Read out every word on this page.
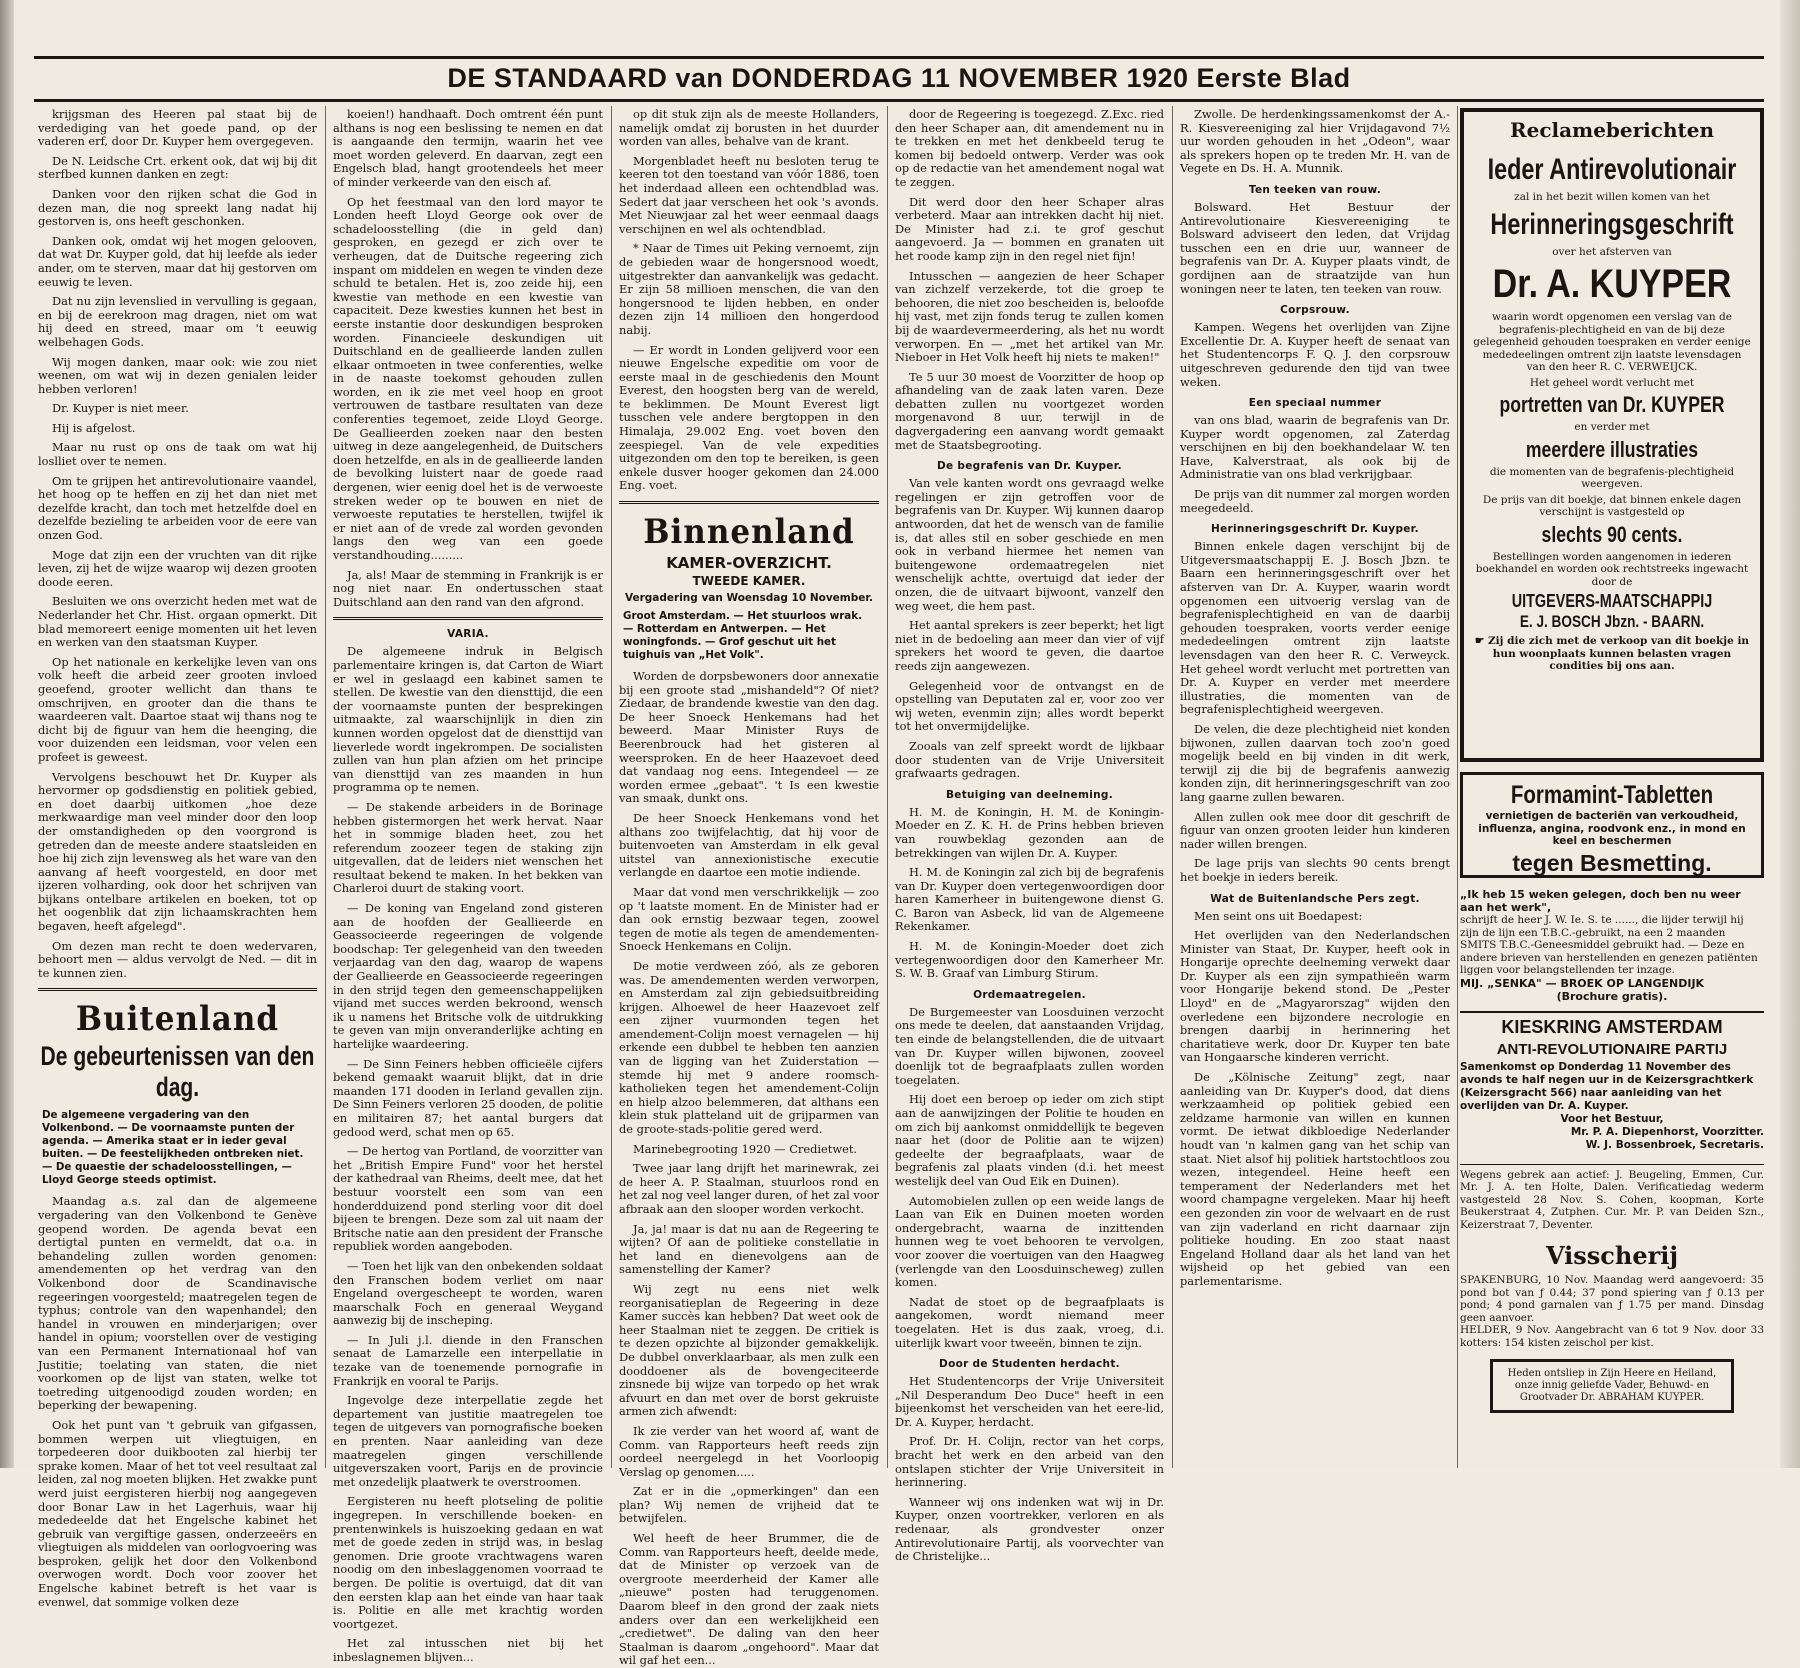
DE STANDAARD van DONDERDAG 11 NOVEMBER 1920 Eerste Blad

krijgsman des Heeren pal staat bij de verdediging van het goede pand, op der vaderen erf, door Dr. Kuyper hem overgegeven.

De N. Leidsche Crt. erkent ook, dat wij bij dit sterfbed kunnen danken en zegt:

Danken voor den rijken schat die God in dezen man, die nog spreekt lang nadat hij gestorven is, ons heeft geschonken.

Danken ook, omdat wij het mogen gelooven, dat wat Dr. Kuyper gold, dat hij leefde als ieder ander, om te sterven, maar dat hij gestorven om eeuwig te leven.

Dat nu zijn levenslied in vervulling is gegaan, en bij de eerekroon mag dragen, niet om wat hij deed en streed, maar om 't eeuwig welbehagen Gods.

Wij mogen danken, maar ook: wie zou niet weenen, om wat wij in dezen genialen leider hebben verloren!

Dr. Kuyper is niet meer.

Hij is afgelost.

Maar nu rust op ons de taak om wat hij loslliet over te nemen.

Om te grijpen het antirevolutionaire vaandel, het hoog op te heffen en zij het dan niet met dezelfde kracht, dan toch met hetzelfde doel en dezelfde bezieling te arbeiden voor de eere van onzen God.

Moge dat zijn een der vruchten van dit rijke leven, zij het de wijze waarop wij dezen grooten doode eeren.

Besluiten we ons overzicht heden met wat de Nederlander het Chr. Hist. orgaan opmerkt. Dit blad memoreert eenige momenten uit het leven en werken van den staatsman Kuyper.

Op het nationale en kerkelijke leven van ons volk heeft die arbeid zeer grooten invloed geoefend, grooter wellicht dan thans te omschrijven, en grooter dan die thans te waardeeren valt. Daartoe staat wij thans nog te dicht bij de figuur van hem die heenging, die voor duizenden een leidsman, voor velen een profeet is geweest.

Vervolgens beschouwt het Dr. Kuyper als hervormer op godsdienstig en politiek gebied, en doet daarbij uitkomen „hoe deze merkwaardige man veel minder door den loop der omstandigheden op den voorgrond is getreden dan de meeste andere staatsleiden en hoe hij zich zijn levensweg als het ware van den aanvang af heeft voorgesteld, en door met ijzeren volharding, ook door het schrijven van bijkans ontelbare artikelen en boeken, tot op het oogenblik dat zijn lichaamskrachten hem begaven, heeft afgelegd".

Om dezen man recht te doen wedervaren, behoort men — aldus vervolgt de Ned. — dit in te kunnen zien.

Buitenland
De gebeurtenissen van den dag.
De algemeene vergadering van den Volkenbond. — De voornaamste punten der agenda. — Amerika staat er in ieder geval buiten. — De feestelijkheden ontbreken niet. — De quaestie der schadeloosstellingen, — Lloyd George steeds optimist.

Maandag a.s. zal dan de algemeene vergadering van den Volkenbond te Genève geopend worden. De agenda bevat een dertigtal punten en vermeldt, dat o.a. in behandeling zullen worden genomen: amendementen op het verdrag van den Volkenbond door de Scandinavische regeeringen voorgesteld; maatregelen tegen de typhus; controle van den wapenhandel; den handel in vrouwen en minderjarigen; over handel in opium; voorstellen over de vestiging van een Permanent Internationaal hof van Justitie; toelating van staten, die niet voorkomen op de lijst van staten, welke tot toetreding uitgenoodigd zouden worden; en beperking der bewapening.

Ook het punt van 't gebruik van gifgassen, bommen werpen uit vliegtuigen, en torpedeeren door duikbooten zal hierbij ter sprake komen. Maar of het tot veel resultaat zal leiden, zal nog moeten blijken. Het zwakke punt werd juist eergisteren hierbij nog aangegeven door Bonar Law in het Lagerhuis, waar hij mededeelde dat het Engelsche kabinet het gebruik van vergiftige gassen, onderzeeërs en vliegtuigen als middelen van oorlogvoering was besproken, gelijk het door den Volkenbond overwogen wordt. Doch voor zoover het Engelsche kabinet betreft is het vaar is evenwel, dat sommige volken deze

koeien!) handhaaft. Doch omtrent één punt althans is nog een beslissing te nemen en dat is aangaande den termijn, waarin het vee moet worden geleverd. En daarvan, zegt een Engelsch blad, hangt grootendeels het meer of minder verkeerde van den eisch af.

Op het feestmaal van den lord mayor te Londen heeft Lloyd George ook over de schadeloosstelling (die in geld dan) gesproken, en gezegd er zich over te verheugen, dat de Duitsche regeering zich inspant om middelen en wegen te vinden deze schuld te betalen. Het is, zoo zeide hij, een kwestie van methode en een kwestie van capaciteit. Deze kwesties kunnen het best in eerste instantie door deskundigen besproken worden. Financieele deskundigen uit Duitschland en de geallieerde landen zullen elkaar ontmoeten in twee conferenties, welke in de naaste toekomst gehouden zullen worden, en ik zie met veel hoop en groot vertrouwen de tastbare resultaten van deze conferenties tegemoet, zeide Lloyd George. De Geallieerden zoeken naar den besten uitweg in deze aangelegenheid, de Duitschers doen hetzelfde, en als in de geallieerde landen de bevolking luistert naar de goede raad dergenen, wier eenig doel het is de verwoeste streken weder op te bouwen en niet de verwoeste reputaties te herstellen, twijfel ik er niet aan of de vrede zal worden gevonden langs den weg van een goede verstandhouding.........

Ja, als! Maar de stemming in Frankrijk is er nog niet naar. En ondertusschen staat Duitschland aan den rand van den afgrond.

VARIA.

De algemeene indruk in Belgisch parlementaire kringen is, dat Carton de Wiart er wel in geslaagd een kabinet samen te stellen. De kwestie van den diensttijd, die een der voornaamste punten der besprekingen uitmaakte, zal waarschijnlijk in dien zin kunnen worden opgelost dat de diensttijd van lieverlede wordt ingekrompen. De socialisten zullen van hun plan afzien om het principe van diensttijd van zes maanden in hun programma op te nemen.

— De stakende arbeiders in de Borinage hebben gistermorgen het werk hervat. Naar het in sommige bladen heet, zou het referendum zoozeer tegen de staking zijn uitgevallen, dat de leiders niet wenschen het resultaat bekend te maken. In het bekken van Charleroi duurt de staking voort.

— De koning van Engeland zond gisteren aan de hoofden der Geallieerde en Geassocieerde regeeringen de volgende boodschap: Ter gelegenheid van den tweeden verjaardag van den dag, waarop de wapens der Geallieerde en Geassocieerde regeeringen in den strijd tegen den gemeenschappelijken vijand met succes werden bekroond, wensch ik u namens het Britsche volk de uitdrukking te geven van mijn onveranderlijke achting en hartelijke waardeering.

— De Sinn Feiners hebben officieële cijfers bekend gemaakt waaruit blijkt, dat in drie maanden 171 dooden in Ierland gevallen zijn. De Sinn Feiners verloren 25 dooden, de politie en militairen 87; het aantal burgers dat gedood werd, schat men op 65.

— De hertog van Portland, de voorzitter van het „British Empire Fund" voor het herstel der kathedraal van Rheims, deelt mee, dat het bestuur voorstelt een som van een honderdduizend pond sterling voor dit doel bijeen te brengen. Deze som zal uit naam der Britsche natie aan den president der Fransche republiek worden aangeboden.

— Toen het lijk van den onbekenden soldaat den Franschen bodem verliet om naar Engeland overgescheept te worden, waren maarschalk Foch en generaal Weygand aanwezig bij de inscheping.

— In Juli j.l. diende in den Franschen senaat de Lamarzelle een interpellatie in tezake van de toenemende pornografie in Frankrijk en vooral te Parijs.

Ingevolge deze interpellatie zegde het departement van justitie maatregelen toe tegen de uitgevers van pornografische boeken en prenten. Naar aanleiding van deze maatregelen gingen verschillende uitgeverszaken voort, Parijs en de provincie met onzedelijk plaatwerk te overstroomen.

Eergisteren nu heeft plotseling de politie ingegrepen. In verschillende boeken- en prentenwinkels is huiszoeking gedaan en wat met de goede zeden in strijd was, in beslag genomen. Drie groote vrachtwagens waren noodig om den inbeslaggenomen voorraad te bergen. De politie is overtuigd, dat dit van den eersten klap aan het einde van haar taak is. Politie en alle met krachtig worden voortgezet.

Het zal intusschen niet bij het inbeslagnemen blijven...

op dit stuk zijn als de meeste Hollanders, namelijk omdat zij borusten in het duurder worden van alles, behalve van de krant.

Morgenbladet heeft nu besloten terug te keeren tot den toestand van vóór 1886, toen het inderdaad alleen een ochtendblad was. Sedert dat jaar verscheen het ook 's avonds. Met Nieuwjaar zal het weer eenmaal daags verschijnen en wel als ochtendblad.

* Naar de Times uit Peking vernoemt, zijn de gebieden waar de hongersnood woedt, uitgestrekter dan aanvankelijk was gedacht. Er zijn 58 millioen menschen, die van den hongersnood te lijden hebben, en onder dezen zijn 14 millioen den hongerdood nabij.

— Er wordt in Londen gelijverd voor een nieuwe Engelsche expeditie om voor de eerste maal in de geschiedenis den Mount Everest, den hoogsten berg van de wereld, te beklimmen. De Mount Everest ligt tusschen vele andere bergtoppen in den Himalaja, 29.002 Eng. voet boven den zeespiegel. Van de vele expedities uitgezonden om den top te bereiken, is geen enkele dusver hooger gekomen dan 24.000 Eng. voet.

Binnenland
KAMER-OVERZICHT.
TWEEDE KAMER.
Vergadering van Woensdag 10 November.
Groot Amsterdam. — Het stuurloos wrak. — Rotterdam en Antwerpen. — Het woningfonds. — Grof geschut uit het tuighuis van „Het Volk".

Worden de dorpsbewoners door annexatie bij een groote stad „mishandeld"? Of niet? Ziedaar, de brandende kwestie van den dag. De heer Snoeck Henkemans had het beweerd. Maar Minister Ruys de Beerenbrouck had het gisteren al weersproken. En de heer Haazevoet deed dat vandaag nog eens. Integendeel — ze worden ermee „gebaat". 't Is een kwestie van smaak, dunkt ons.

De heer Snoeck Henkemans vond het althans zoo twijfelachtig, dat hij voor de buitenvoeten van Amsterdam in elk geval uitstel van annexionistische executie verlangde en daartoe een motie indiende.

Maar dat vond men verschrikkelijk — zoo op 't laatste moment. En de Minister had er dan ook ernstig bezwaar tegen, zoowel tegen de motie als tegen de amendementen-Snoeck Henkemans en Colijn.

De motie verdween zóó, als ze geboren was. De amendementen werden verworpen, en Amsterdam zal zijn gebiedsuitbreiding krijgen. Alhoewel de heer Haazevoet zelf een zijner vuurmonden tegen het amendement-Colijn moest vernagelen — hij erkende een dubbel te hebben ten aanzien van de ligging van het Zuiderstation — stemde hij met 9 andere roomsch-katholieken tegen het amendement-Colijn en hielp alzoo belemmeren, dat althans een klein stuk platteland uit de grijparmen van de groote-stads-politie gered werd.

Marinebegrooting 1920 — Credietwet.

Twee jaar lang drijft het marinewrak, zei de heer A. P. Staalman, stuurloos rond en het zal nog veel langer duren, of het zal voor afbraak aan den slooper worden verkocht.

Ja, ja! maar is dat nu aan de Regeering te wijten? Of aan de politieke constellatie in het land en dienevolgens aan de samenstelling der Kamer?

Wij zegt nu eens niet welk reorganisatieplan de Regeering in deze Kamer succès kan hebben? Dat weet ook de heer Staalman niet te zeggen. De critiek is te dezen opzichte al bijzonder gemakkelijk. De dubbel onverklaarbaar, als men zulk een dooddoener als de bovengeciteerde zinsnede bij wijze van torpedo op het wrak afvuurt en dan met over de borst gekruiste armen zich afwendt:

Ik zie verder van het woord af, want de Comm. van Rapporteurs heeft reeds zijn oordeel neergelegd in het Voorloopig Verslag op genomen.....

Zat er in die „opmerkingen" dan een plan? Wij nemen de vrijheid dat te betwijfelen.

Wel heeft de heer Brummer, die de Comm. van Rapporteurs heeft, deelde mede, dat de Minister op verzoek van de overgroote meerderheid der Kamer alle „nieuwe" posten had teruggenomen. Daarom bleef in den grond der zaak niets anders over dan een werkelijkheid een „credietwet". De daling van den heer Staalman is daarom „ongehoord". Maar dat wil gaf het een...

door de Regeering is toegezegd. Z.Exc. ried den heer Schaper aan, dit amendement nu in te trekken en met het denkbeeld terug te komen bij bedoeld ontwerp. Verder was ook op de redactie van het amendement nogal wat te zeggen.

Dit werd door den heer Schaper alras verbeterd. Maar aan intrekken dacht hij niet. De Minister had z.i. te grof geschut aangevoerd. Ja — bommen en granaten uit het roode kamp zijn in den regel niet fijn!

Intusschen — aangezien de heer Schaper van zichzelf verzekerde, tot die groep te behooren, die niet zoo bescheiden is, beloofde hij vast, met zijn fonds terug te zullen komen bij de waardevermeerdering, als het nu wordt verworpen. En — „met het artikel van Mr. Nieboer in Het Volk heeft hij niets te maken!"

Te 5 uur 30 moest de Voorzitter de hoop op afhandeling van de zaak laten varen. Deze debatten zullen nu voortgezet worden morgenavond 8 uur, terwijl in de dagvergadering een aanvang wordt gemaakt met de Staatsbegrooting.

De begrafenis van Dr. Kuyper.

Van vele kanten wordt ons gevraagd welke regelingen er zijn getroffen voor de begrafenis van Dr. Kuyper. Wij kunnen daarop antwoorden, dat het de wensch van de familie is, dat alles stil en sober geschiede en men ook in verband hiermee het nemen van buitengewone ordemaatregelen niet wenschelijk achtte, overtuigd dat ieder der onzen, die de uitvaart bijwoont, vanzelf den weg weet, die hem past.

Het aantal sprekers is zeer beperkt; het ligt niet in de bedoeling aan meer dan vier of vijf sprekers het woord te geven, die daartoe reeds zijn aangewezen.

Gelegenheid voor de ontvangst en de opstelling van Deputaten zal er, voor zoo ver wij weten, evenmin zijn; alles wordt beperkt tot het onvermijdelijke.

Zooals van zelf spreekt wordt de lijkbaar door studenten van de Vrije Universiteit grafwaarts gedragen.

Betuiging van deelneming.

H. M. de Koningin, H. M. de Koningin-Moeder en Z. K. H. de Prins hebben brieven van rouwbeklag gezonden aan de betrekkingen van wijlen Dr. A. Kuyper.

H. M. de Koningin zal zich bij de begrafenis van Dr. Kuyper doen vertegenwoordigen door haren Kamerheer in buitengewone dienst G. C. Baron van Asbeck, lid van de Algemeene Rekenkamer.

H. M. de Koningin-Moeder doet zich vertegenwoordigen door den Kamerheer Mr. S. W. B. Graaf van Limburg Stirum.

Ordemaatregelen.

De Burgemeester van Loosduinen verzocht ons mede te deelen, dat aanstaanden Vrijdag, ten einde de belangstellenden, die de uitvaart van Dr. Kuyper willen bijwonen, zooveel doenlijk tot de begraafplaats zullen worden toegelaten.

Hij doet een beroep op ieder om zich stipt aan de aanwijzingen der Politie te houden en om zich bij aankomst onmiddellijk te begeven naar het (door de Politie aan te wijzen) gedeelte der begraafplaats, waar de begrafenis zal plaats vinden (d.i. het meest westelijk deel van Oud Eik en Duinen).

Automobielen zullen op een weide langs de Laan van Eik en Duinen moeten worden ondergebracht, waarna de inzittenden hunnen weg te voet behooren te vervolgen, voor zoover die voertuigen van den Haagweg (verlengde van den Loosduinscheweg) zullen komen.

Nadat de stoet op de begraafplaats is aangekomen, wordt niemand meer toegelaten. Het is dus zaak, vroeg, d.i. uiterlijk kwart voor tweeën, binnen te zijn.

Door de Studenten herdacht.

Het Studentencorps der Vrije Universiteit „Nil Desperandum Deo Duce" heeft in een bijeenkomst het verscheiden van het eere-lid, Dr. A. Kuyper, herdacht.

Prof. Dr. H. Colijn, rector van het corps, bracht het werk en den arbeid van den ontslapen stichter der Vrije Universiteit in herinnering.

Wanneer wij ons indenken wat wij in Dr. Kuyper, onzen voortrekker, verloren en als redenaar, als grondvester onzer Antirevolutionaire Partij, als voorvechter van de Christelijke...

Zwolle. De herdenkingssamenkomst der A.-R. Kiesvereeniging zal hier Vrijdagavond 7½ uur worden gehouden in het „Odeon", waar als sprekers hopen op te treden Mr. H. van de Vegete en Ds. H. A. Munnik.

Ten teeken van rouw.

Bolsward. Het Bestuur der Antirevolutionaire Kiesvereeniging te Bolsward adviseert den leden, dat Vrijdag tusschen een en drie uur, wanneer de begrafenis van Dr. A. Kuyper plaats vindt, de gordijnen aan de straatzijde van hun woningen neer te laten, ten teeken van rouw.

Corpsrouw.

Kampen. Wegens het overlijden van Zijne Excellentie Dr. A. Kuyper heeft de senaat van het Studentencorps F. Q. J. den corpsrouw uitgeschreven gedurende den tijd van twee weken.

Een speciaal nummer

van ons blad, waarin de begrafenis van Dr. Kuyper wordt opgenomen, zal Zaterdag verschijnen en bij den boekhandelaar W. ten Have, Kalverstraat, als ook bij de Administratie van ons blad verkrijgbaar.

De prijs van dit nummer zal morgen worden meegedeeld.

Herinneringsgeschrift Dr. Kuyper.

Binnen enkele dagen verschijnt bij de Uitgeversmaatschappij E. J. Bosch Jbzn. te Baarn een herinneringsgeschrift over het afsterven van Dr. A. Kuyper, waarin wordt opgenomen een uitvoerig verslag van de begrafenisplechtigheid en van de daarbij gehouden toespraken, voorts verder eenige mededeelingen omtrent zijn laatste levensdagen van den heer R. C. Verweyck. Het geheel wordt verlucht met portretten van Dr. A. Kuyper en verder met meerdere illustraties, die momenten van de begrafenisplechtigheid weergeven.

De velen, die deze plechtigheid niet konden bijwonen, zullen daarvan toch zoo'n goed mogelijk beeld en bij vinden in dit werk, terwijl zij die bij de begrafenis aanwezig konden zijn, dit herinneringsgeschrift van zoo lang gaarne zullen bewaren.

Allen zullen ook mee door dit geschrift de figuur van onzen grooten leider hun kinderen nader willen brengen.

De lage prijs van slechts 90 cents brengt het boekje in ieders bereik.

Wat de Buitenlandsche Pers zegt.

Men seint ons uit Boedapest:

Het overlijden van den Nederlandschen Minister van Staat, Dr. Kuyper, heeft ook in Hongarije oprechte deelneming verwekt daar Dr. Kuyper als een zijn sympathieën warm voor Hongarije bekend stond. De „Pester Lloyd" en de „Magyarorszag" wijden den overledene een bijzondere necrologie en brengen daarbij in herinnering het charitatieve werk, door Dr. Kuyper ten bate van Hongaarsche kinderen verricht.

De „Kölnische Zeitung" zegt, naar aanleiding van Dr. Kuyper's dood, dat diens werkzaamheid op politiek gebied een zeldzame harmonie van willen en kunnen vormt. De ietwat dikbloedige Nederlander houdt van 'n kalmen gang van het schip van staat. Niet alsof hij politiek hartstochtloos zou wezen, integendeel. Heine heeft een temperament der Nederlanders met het woord champagne vergeleken. Maar hij heeft een gezonden zin voor de welvaart en de rust van zijn vaderland en richt daarnaar zijn politieke houding. En zoo staat naast Engeland Holland daar als het land van het wijsheid op het gebied van een parlementarisme.

Reclameberichten
Ieder Antirevolutionair
zal in het bezit willen komen van het
Herinneringsgeschrift
over het afsterven van
Dr. A. KUYPER
waarin wordt opgenomen een verslag van de begrafenis-plechtigheid en van de bij deze gelegenheid gehouden toespraken en verder eenige mededeelingen omtrent zijn laatste levensdagen van den heer R. C. VERWEIJCK.
Het geheel wordt verlucht met
portretten van Dr. KUYPER
en verder met
meerdere illustraties
die momenten van de begrafenis-plechtigheid weergeven.
De prijs van dit boekje, dat binnen enkele dagen verschijnt is vastgesteld op
slechts 90 cents.
Bestellingen worden aangenomen in iederen boekhandel en worden ook rechtstreeks ingewacht door de
UITGEVERS-MAATSCHAPPIJ
E. J. BOSCH Jbzn. - BAARN.
☛ Zij die zich met de verkoop van dit boekje in hun woonplaats kunnen belasten vragen condities bij ons aan.
Formamint-Tabletten
vernietigen de bacteriën van verkoudheid, influenza, angina, roodvonk enz., in mond en keel en beschermen
tegen Besmetting.
„Ik heb 15 weken gelegen, doch ben nu weer aan het werk",
schrijft de heer J. W. Ie. S. te ......, die lijder terwijl hij zijn de lijn een T.B.C.-gebruikt, na een 2 maanden SMITS T.B.C.-Geneesmiddel gebruikt had. — Deze en andere brieven van herstellenden en genezen patiënten liggen voor belangstellenden ter inzage.
MIJ. „SENKA" — BROEK OP LANGENDIJK
(Brochure gratis).
KIESKRING AMSTERDAM
ANTI-REVOLUTIONAIRE PARTIJ
Samenkomst op Donderdag 11 November des avonds te half negen uur in de Keizersgrachtkerk (Keizersgracht 566) naar aanleiding van het overlijden van Dr. A. Kuyper.
Voor het Bestuur,
Mr. P. A. Diepenhorst, Voorzitter.
W. J. Bossenbroek, Secretaris.
Wegens gebrek aan actief: J. Beugeling, Emmen, Cur. Mr. J. A. ten Holte, Dalen. Verificatiedag wederm vastgesteld 28 Nov. S. Cohen, koopman, Korte Beukerstraat 4, Zutphen. Cur. Mr. P. van Deiden Szn., Keizerstraat 7, Deventer.
Visscherij
SPAKENBURG, 10 Nov. Maandag werd aangevoerd: 35 pond bot van ƒ 0.44; 37 pond spiering van ƒ 0.13 per pond; 4 pond garnalen van ƒ 1.75 per mand. Dinsdag geen aanvoer.
HELDER, 9 Nov. Aangebracht van 6 tot 9 Nov. door 33 kotters: 154 kisten zeischol per kist.
Heden ontsliep in Zijn Heere en Heiland, onze innig geliefde Vader, Behuwd- en Grootvader Dr. ABRAHAM KUYPER.
